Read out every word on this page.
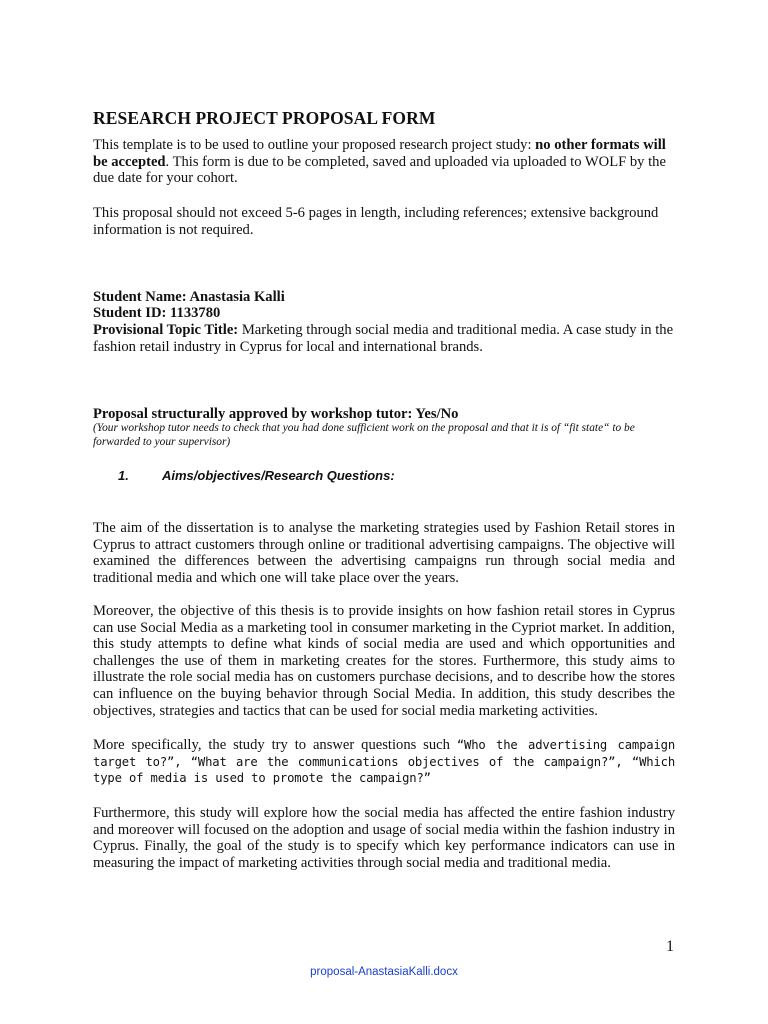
RESEARCH PROJECT PROPOSAL FORM
This template is to be used to outline your proposed research project study: no other formats will be accepted. This form is due to be completed, saved and uploaded via uploaded to WOLF by the due date for your cohort.
This proposal should not exceed 5-6 pages in length, including references; extensive background information is not required.
Student Name: Anastasia Kalli
Student ID: 1133780
Provisional Topic Title: Marketing through social media and traditional media. A case study in the fashion retail industry in Cyprus for local and international brands.
Proposal structurally approved by workshop tutor: Yes/No
(Your workshop tutor needs to check that you had done sufficient work on the proposal and that it is of “fit state“ to be forwarded to your supervisor)
1.	Aims/objectives/Research Questions:
The aim of the dissertation is to analyse the marketing strategies used by Fashion Retail stores in Cyprus to attract customers through online or traditional advertising campaigns. The objective will examined the differences between the advertising campaigns run through social media and traditional media and which one will take place over the years.
Moreover, the objective of this thesis is to provide insights on how fashion retail stores in Cyprus can use Social Media as a marketing tool in consumer marketing in the Cypriot market. In addition, this study attempts to define what kinds of social media are used and which opportunities and challenges the use of them in marketing creates for the stores. Furthermore, this study aims to illustrate the role social media has on customers purchase decisions, and to describe how the stores can influence on the buying behavior through Social Media. In addition, this study describes the objectives, strategies and tactics that can be used for social media marketing activities.
More specifically, the study try to answer questions such “Who the advertising campaign target to?”, “What are the communications objectives of the campaign?”, “Which type of media is used to promote the campaign?”
Furthermore, this study will explore how the social media has affected the entire fashion industry and moreover will focused on the adoption and usage of social media within the fashion industry in Cyprus. Finally, the goal of the study is to specify which key performance indicators can use in measuring the impact of marketing activities through social media and traditional media.
1
proposal-AnastasiaKalli.docx
